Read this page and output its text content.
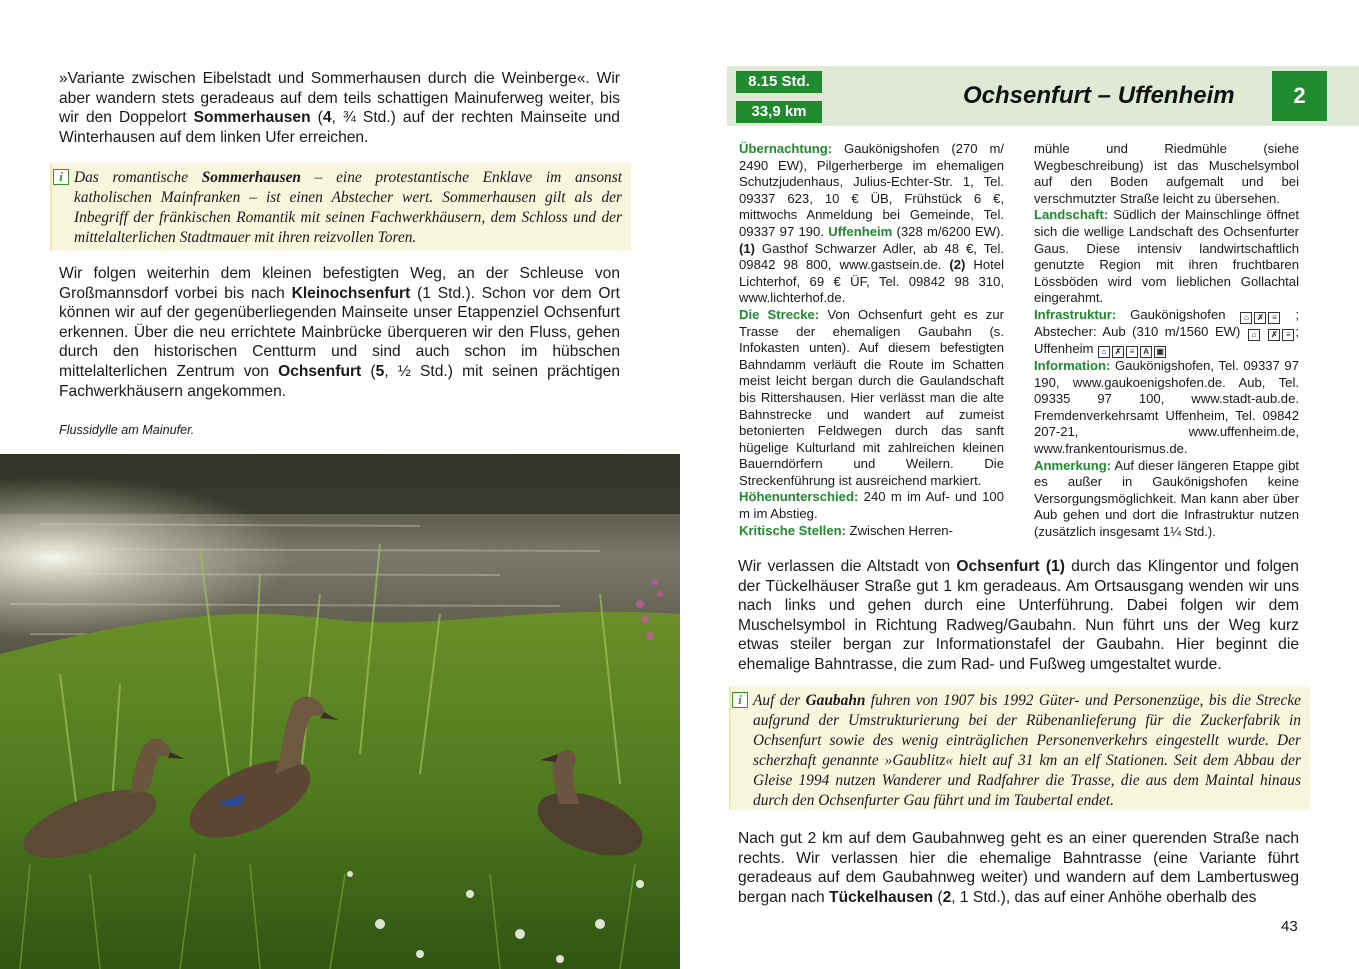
»Variante zwischen Eibelstadt und Sommerhausen durch die Weinberge«. Wir aber wandern stets geradeaus auf dem teils schattigen Mainuferweg weiter, bis wir den Doppelort Sommerhausen (4, ¾ Std.) auf der rechten Mainseite und Winterhausen auf dem linken Ufer erreichen.
i Das romantische Sommerhausen – eine protestantische Enklave im ansonst katholischen Mainfranken – ist einen Abstecher wert. Sommerhausen gilt als der Inbegriff der fränkischen Romantik mit seinen Fachwerkhäusern, dem Schloss und der mittelalterlichen Stadtmauer mit ihren reizvollen Toren.
Wir folgen weiterhin dem kleinen befestigten Weg, an der Schleuse von Großmannsdorf vorbei bis nach Kleinochsenfurt (1 Std.). Schon vor dem Ort können wir auf der gegenüberliegenden Mainseite unser Etappenziel Ochsenfurt erkennen. Über die neu errichtete Mainbrücke überqueren wir den Fluss, gehen durch den historischen Centturm und sind auch schon im hübschen mittelalterlichen Zentrum von Ochsenfurt (5, ½ Std.) mit seinen prächtigen Fachwerkhäusern angekommen.
Flussidylle am Mainufer.
8.15 Std.
33,9 km
Ochsenfurt – Uffenheim	2

Übernachtung: Gaukönigshofen (270 m/ 2490 EW), Pilgerherberge im ehemaligen Schutzjudenhaus, Julius-Echter-Str. 1, Tel. 09337 623, 10 € ÜB, Frühstück 6 €, mittwochs Anmeldung bei Gemeinde, Tel. 09337 97 190. Uffenheim (328 m/6200 EW). (1) Gasthof Schwarzer Adler, ab 48 €, Tel. 09842 98 800, www.gastsein.de. (2) Hotel Lichterhof, 69 € ÜF, Tel. 09842 98 310, www.lichterhof.de.

Die Strecke: Von Ochsenfurt geht es zur Trasse der ehemaligen Gaubahn (s. Infokasten unten). Auf diesem befestigten Bahndamm verläuft die Route im Schatten meist leicht bergan durch die Gaulandschaft bis Rittershausen. Hier verlässt man die alte Bahnstrecke und wandert auf zumeist betonierten Feldwegen durch das sanft hügelige Kulturland mit zahlreichen kleinen Bauerndörfern und Weilern. Die Streckenführung ist ausreichend markiert.

Höhenunterschied: 240 m im Auf- und 100 m im Abstieg.

Kritische Stellen: Zwischen Herren-

mühle und Riedmühle (siehe Wegbeschreibung) ist das Muschelsymbol auf den Boden aufgemalt und bei verschmutzter Straße leicht zu übersehen.

Landschaft: Südlich der Mainschlinge öffnet sich die wellige Landschaft des Ochsenfurter Gaus. Diese intensiv landwirtschaftlich genutzte Region mit ihren fruchtbaren Lössböden wird vom lieblichen Gollachtal eingerahmt.

Infrastruktur: Gaukönigshofen ⌂ ✗ ≡ ; Abstecher: Aub (310 m/1560 EW) ⌂ ✗ ≡ ; Uffenheim ⌂ ✗ ≡ A ▣

Information: Gaukönigshofen, Tel. 09337 97 190, www.gaukoenigshofen.de. Aub, Tel. 09335 97 100, www.stadt-aub.de. Fremdenverkehrsamt Uffenheim, Tel. 09842 207-21, www.uffenheim.de, www.frankentourismus.de.

Anmerkung: Auf dieser längeren Etappe gibt es außer in Gaukönigshofen keine Versorgungsmöglichkeit. Man kann aber über Aub gehen und dort die Infrastruktur nutzen (zusätzlich insgesamt 1¼ Std.).

Wir verlassen die Altstadt von Ochsenfurt (1) durch das Klingentor und folgen der Tückelhäuser Straße gut 1 km geradeaus. Am Ortsausgang wenden wir uns nach links und gehen durch eine Unterführung. Dabei folgen wir dem Muschelsymbol in Richtung Radweg/Gaubahn. Nun führt uns der Weg kurz etwas steiler bergan zur Informationstafel der Gaubahn. Hier beginnt die ehemalige Bahntrasse, die zum Rad- und Fußweg umgestaltet wurde.
i Auf der Gaubahn fuhren von 1907 bis 1992 Güter- und Personenzüge, bis die Strecke aufgrund der Umstrukturierung bei der Rübenanlieferung für die Zuckerfabrik in Ochsenfurt sowie des wenig einträglichen Personenverkehrs eingestellt wurde. Der scherzhaft genannte »Gaublitz« hielt auf 31 km an elf Stationen. Seit dem Abbau der Gleise 1994 nutzen Wanderer und Radfahrer die Trasse, die aus dem Maintal hinaus durch den Ochsenfurter Gau führt und im Taubertal endet.
Nach gut 2 km auf dem Gaubahnweg geht es an einer querenden Straße nach rechts. Wir verlassen hier die ehemalige Bahntrasse (eine Variante führt geradeaus auf dem Gaubahnweg weiter) und wandern auf dem Lambertusweg bergan nach Tückelhausen (2, 1 Std.), das auf einer Anhöhe oberhalb des
43
